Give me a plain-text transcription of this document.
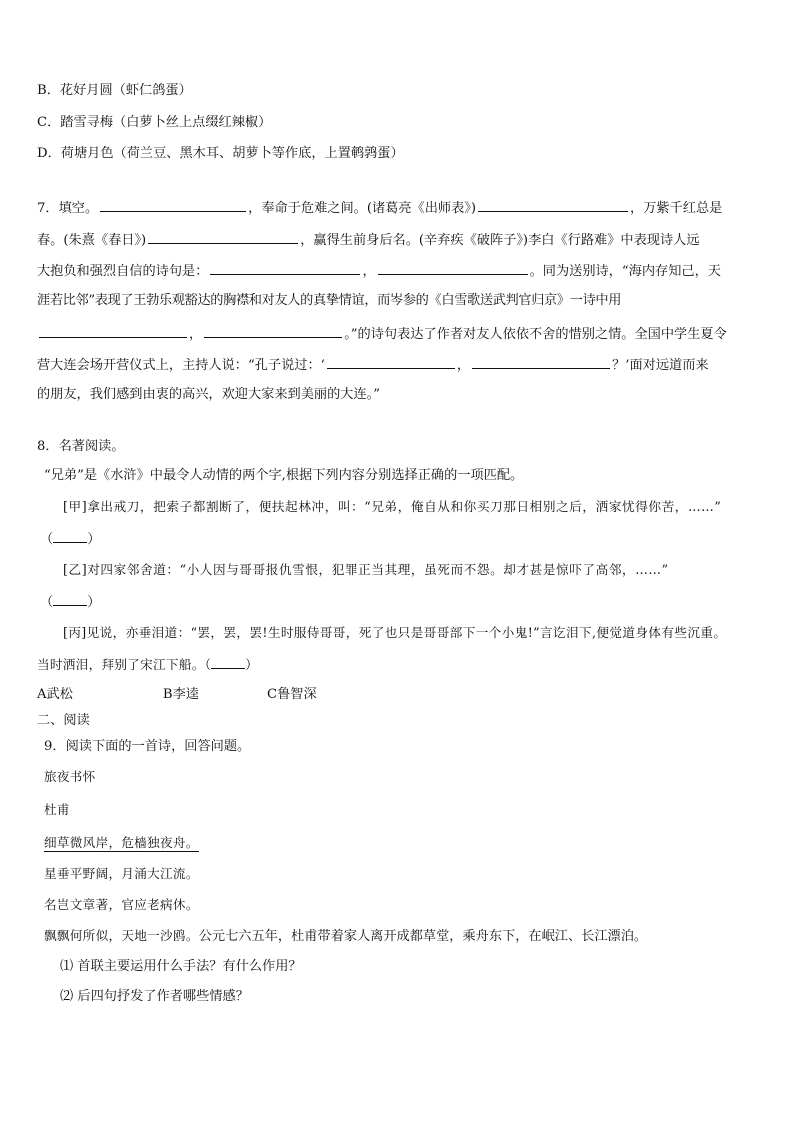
B．花好月圆（虾仁鸽蛋）
C．踏雪寻梅（白萝卜丝上点缀红辣椒）
D．荷塘月色（荷兰豆、黑木耳、胡萝卜等作底，上置鹌鹑蛋）
7．填空。	，奉命于危难之间。(诸葛亮《出师表》)	，万紫千红总是
春。(朱熹《春日》)	，赢得生前身后名。(辛弃疾《破阵子》)李白《行路难》中表现诗人远
大抱负和强烈自信的诗句是：	，	。同为送别诗，“海内存知己，天
涯若比邻”表现了王勃乐观豁达的胸襟和对友人的真挚情谊，而岑参的《白雪歌送武判官归京》一诗中用
，	。”的诗句表达了作者对友人依依不舍的惜别之情。全国中学生夏令
营大连会场开营仪式上，主持人说：“孔子说过：‘	，	？’面对远道而来
的朋友，我们感到由衷的高兴，欢迎大家来到美丽的大连。”
8．名著阅读。
“兄弟”是《水浒》中最令人动情的两个字,根据下列内容分别选择正确的一项匹配。
[甲]拿出戒刀，把索子都割断了，便扶起林冲，叫：“兄弟，俺自从和你买刀那日相别之后，洒家忧得你苦，……”
（	）
[乙]对四家邻舍道：“小人因与哥哥报仇雪恨，犯罪正当其理，虽死而不怨。却才甚是惊吓了高邻，……”
（	）
[丙]见说，亦垂泪道：“罢，罢，罢!生时服侍哥哥，死了也只是哥哥部下一个小鬼!”言讫泪下,便觉道身体有些沉重。
当时洒泪，拜别了宋江下船。（	）
A武松	B李逵	C鲁智深
二、阅读
9．阅读下面的一首诗，回答问题。
旅夜书怀
杜甫
细草微风岸，危樯独夜舟。
星垂平野阔，月涌大江流。
名岂文章著，官应老病休。
飘飘何所似，天地一沙鸥。公元七六五年，杜甫带着家人离开成都草堂，乘舟东下，在岷江、长江漂泊。
⑴ 首联主要运用什么手法？有什么作用？
⑵ 后四句抒发了作者哪些情感？
